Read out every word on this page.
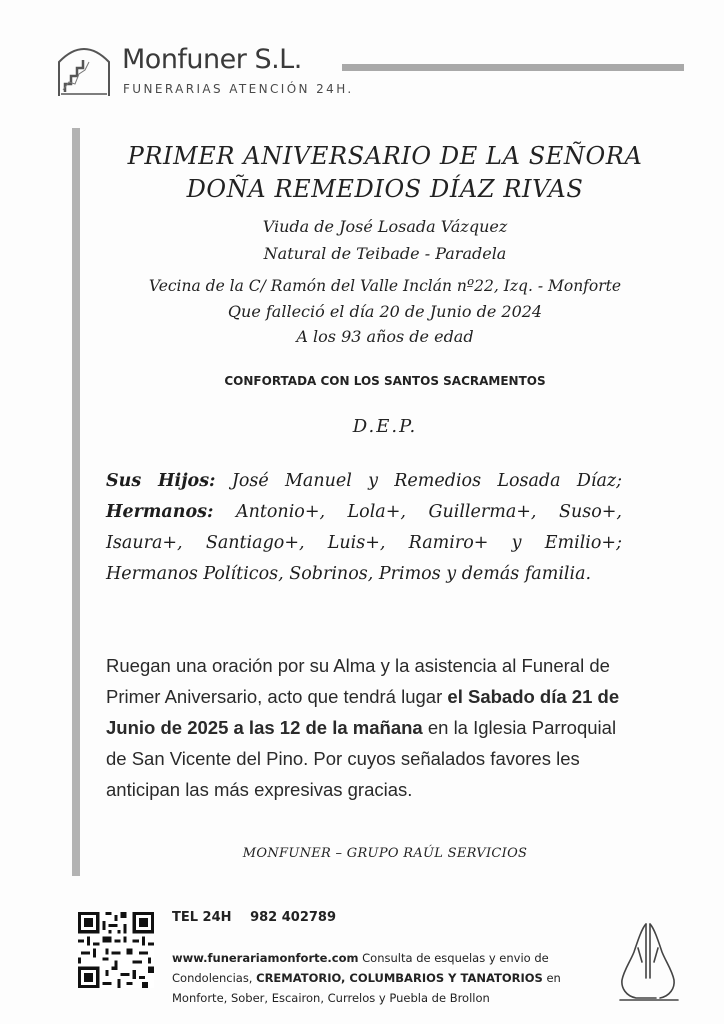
Monfuner S.L.
FUNERARIAS ATENCIÓN 24H.
PRIMER ANIVERSARIO DE LA SEÑORA
DOÑA REMEDIOS DÍAZ RIVAS
Viuda de José Losada Vázquez
Natural de Teibade - Paradela
Vecina de la C/ Ramón del Valle Inclán nº22, Izq. - Monforte
Que falleció el día 20 de Junio de 2024
A los 93 años de edad
CONFORTADA CON LOS SANTOS SACRAMENTOS
D.E.P.
Sus Hijos: José Manuel y Remedios Losada Díaz; Hermanos: Antonio+, Lola+, Guillerma+, Suso+, Isaura+, Santiago+, Luis+, Ramiro+ y Emilio+; Hermanos Políticos, Sobrinos, Primos y demás familia.
Ruegan una oración por su Alma y la asistencia al Funeral de Primer Aniversario, acto que tendrá lugar el Sabado día 21 de Junio de 2025 a las 12 de la mañana en la Iglesia Parroquial de San Vicente del Pino. Por cuyos señalados favores les anticipan las más expresivas gracias.
MONFUNER – GRUPO RAÚL SERVICIOS
TEL 24H 982 402789
www.funerariamonforte.com Consulta de esquelas y envio de Condolencias, CREMATORIO, COLUMBARIOS Y TANATORIOS en Monforte, Sober, Escairon, Currelos y Puebla de Brollon
